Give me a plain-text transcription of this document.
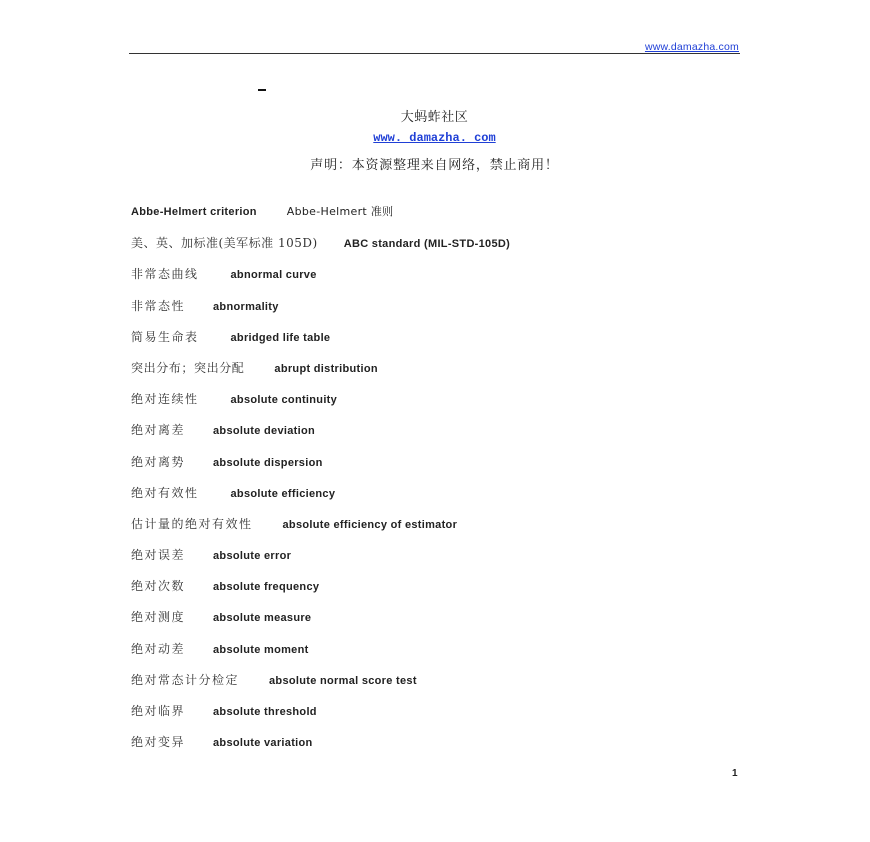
www.damazha.com
大蚂蚱社区
www. damazha. com
声明：本资源整理来自网络，禁止商用！
Abbe-Helmert criterion	Abbe-Helmert 准则
美、英、加标准(美军标准 105D) ABC standard (MIL-STD-105D)
非常态曲线	abnormal curve
非常态性	abnormality
简易生命表	abridged life table
突出分布；突出分配	abrupt distribution
绝对连续性	absolute continuity
绝对离差	absolute deviation
绝对离势	absolute dispersion
绝对有效性	absolute efficiency
估计量的绝对有效性	absolute efficiency of estimator
绝对误差	absolute error
绝对次数	absolute frequency
绝对测度	absolute measure
绝对动差	absolute moment
绝对常态计分检定	absolute normal score test
绝对临界	absolute threshold
绝对变异	absolute variation
1
